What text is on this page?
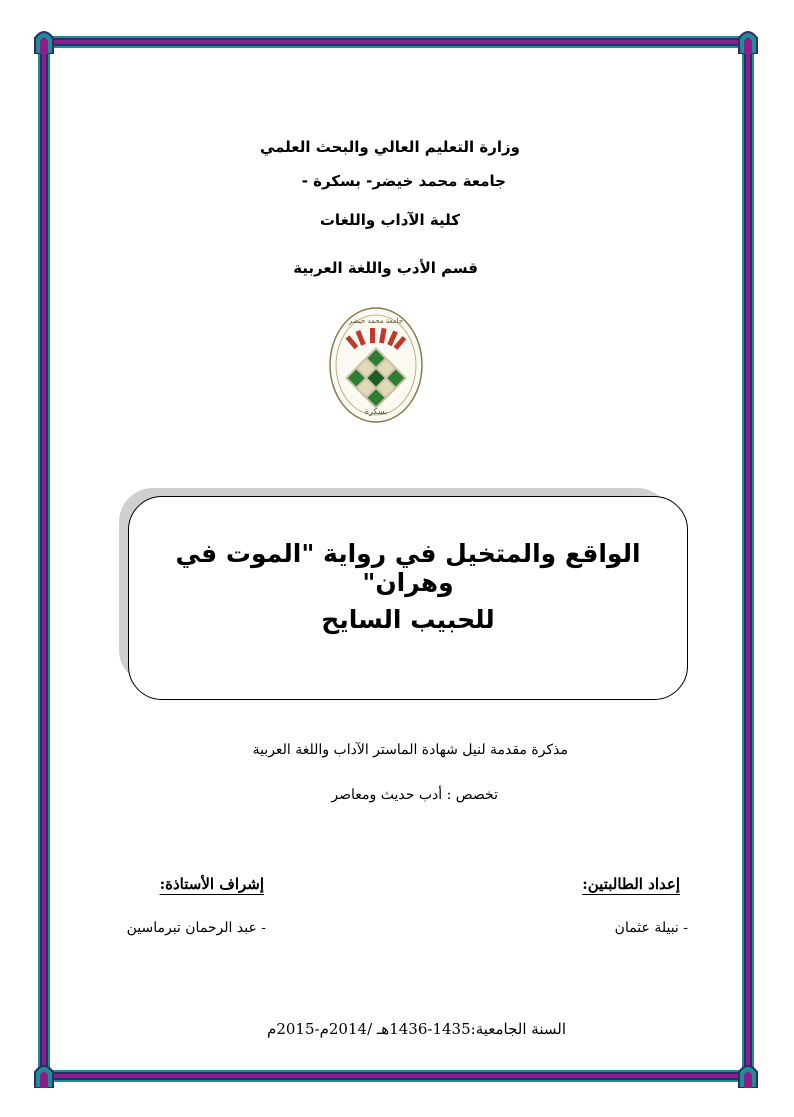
وزارة التعليم العالي والبحث العلمي
جامعة محمد خيضر- بسكرة -
كلية الآداب واللغات
قسم الأدب واللغة العربية
جامعة محمد خيضر
بسكرة
الواقع والمتخيل في رواية "الموت في وهران"
للحبيب السايح
مذكرة مقدمة لنيل شهادة الماستر الآداب واللغة العربية
تخصص : أدب حديث ومعاصر
إعداد الطالبتين:
إشراف الأستاذة:
- نبيلة عثمان
- عبد الرحمان تبرماسين
السنة الجامعية:1435-1436هـ /2014م-2015م
